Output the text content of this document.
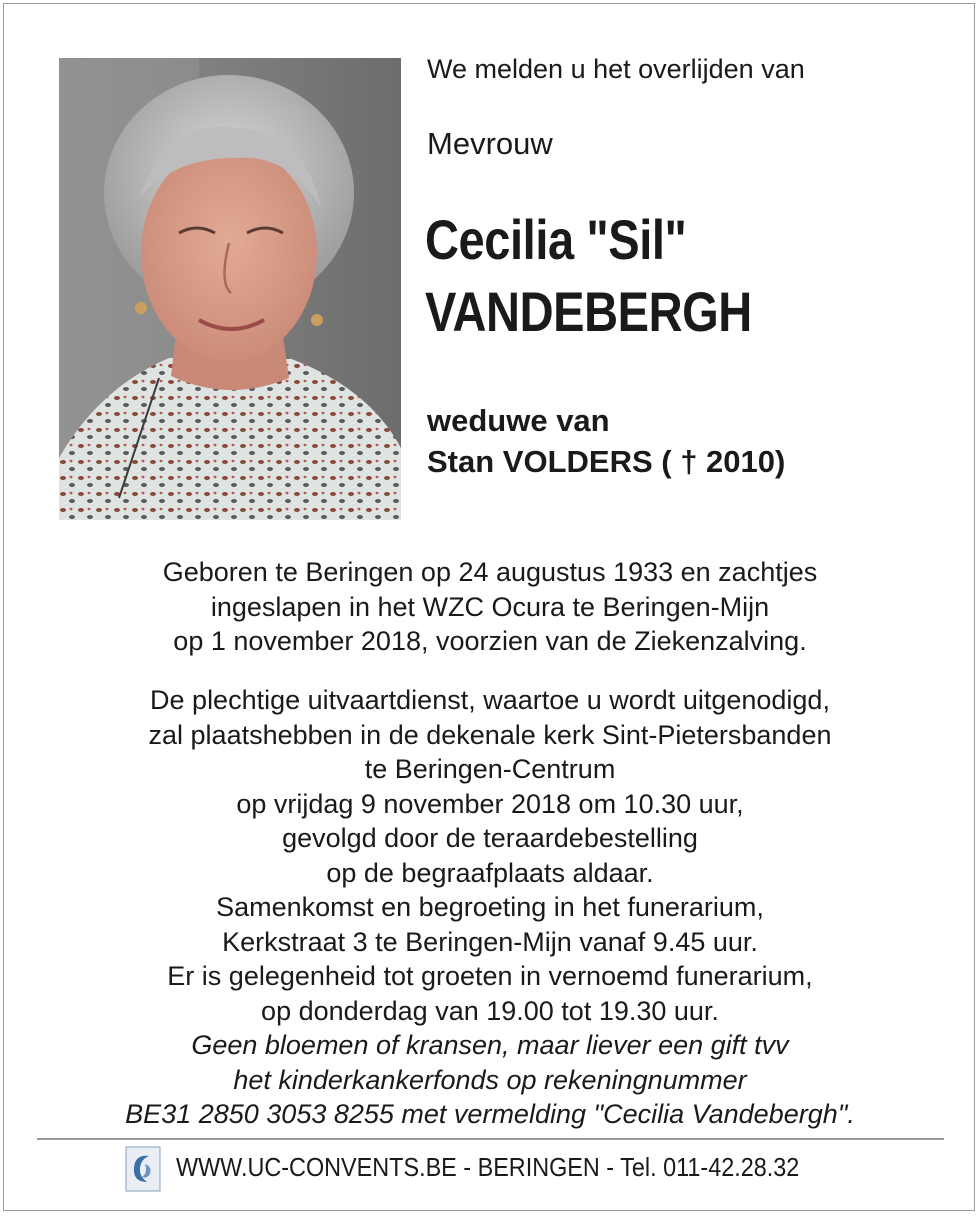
We melden u het overlijden van
Mevrouw
Cecilia "Sil"
VANDEBERGH
weduwe van
Stan VOLDERS ( † 2010)
Geboren te Beringen op 24 augustus 1933 en zachtjes
ingeslapen in het WZC Ocura te Beringen-Mijn
op 1 november 2018, voorzien van de Ziekenzalving.
De plechtige uitvaartdienst, waartoe u wordt uitgenodigd,
zal plaatshebben in de dekenale kerk Sint-Pietersbanden
te Beringen-Centrum
op vrijdag 9 november 2018 om 10.30 uur,
gevolgd door de teraardebestelling
op de begraafplaats aldaar.
Samenkomst en begroeting in het funerarium,
Kerkstraat 3 te Beringen-Mijn vanaf 9.45 uur.
Er is gelegenheid tot groeten in vernoemd funerarium,
op donderdag van 19.00 tot 19.30 uur.
Geen bloemen of kransen, maar liever een gift tvv
het kinderkankerfonds op rekeningnummer
BE31 2850 3053 8255 met vermelding "Cecilia Vandebergh".
WWW.UC-CONVENTS.BE - BERINGEN - Tel. 011-42.28.32
